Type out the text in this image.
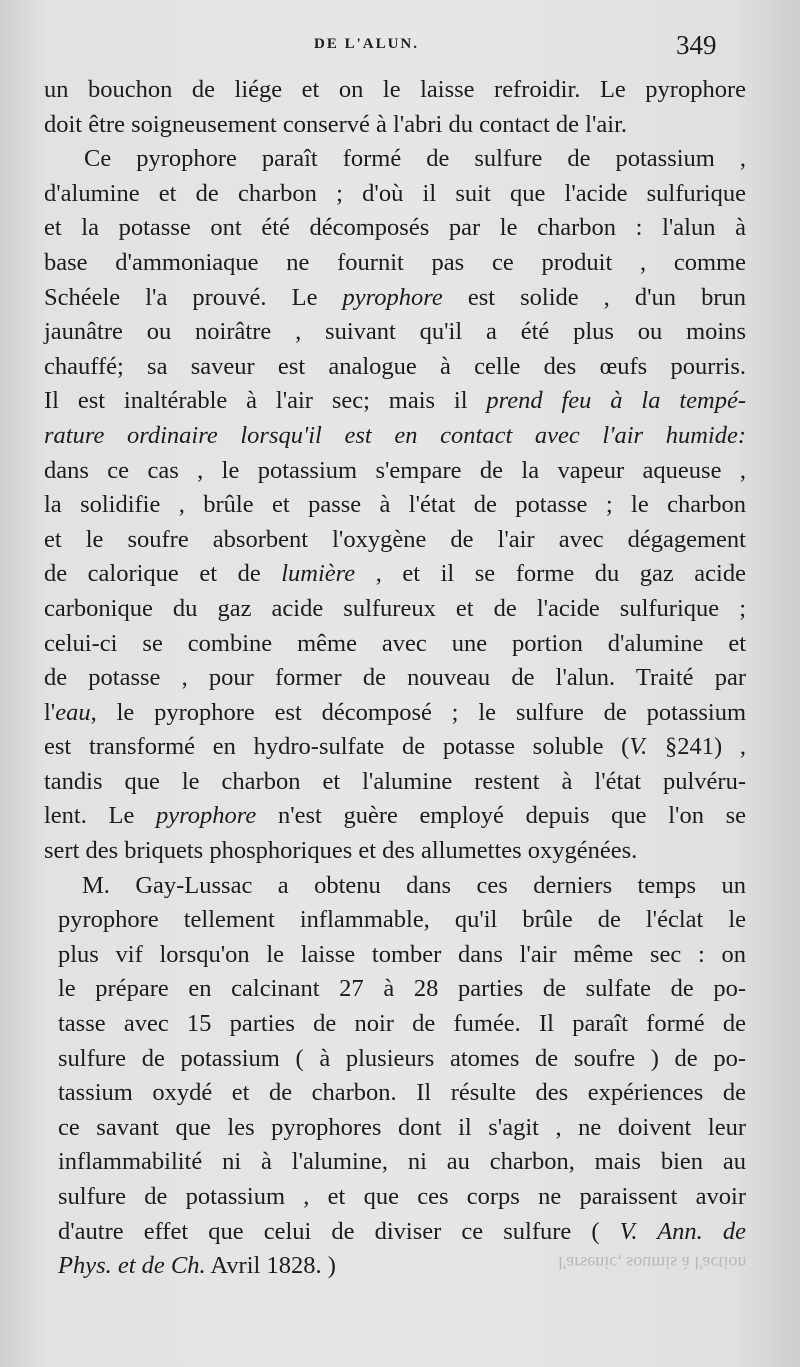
DE L'ALUN.	349
un bouchon de liége et on le laisse refroidir. Le pyrophore
doit être soigneusement conservé à l'abri du contact de l'air.
Ce pyrophore paraît formé de sulfure de potassium ,
d'alumine et de charbon ; d'où il suit que l'acide sulfurique
et la potasse ont été décomposés par le charbon : l'alun à
base d'ammoniaque ne fournit pas ce produit , comme
Schéele l'a prouvé. Le pyrophore est solide , d'un brun
jaunâtre ou noirâtre , suivant qu'il a été plus ou moins
chauffé; sa saveur est analogue à celle des œufs pourris.
Il est inaltérable à l'air sec; mais il prend feu à la tempé-
rature ordinaire lorsqu'il est en contact avec l'air humide:
dans ce cas , le potassium s'empare de la vapeur aqueuse ,
la solidifie , brûle et passe à l'état de potasse ; le charbon
et le soufre absorbent l'oxygène de l'air avec dégagement
de calorique et de lumière , et il se forme du gaz acide
carbonique du gaz acide sulfureux et de l'acide sulfurique ;
celui-ci se combine même avec une portion d'alumine et
de potasse , pour former de nouveau de l'alun. Traité par
l'eau, le pyrophore est décomposé ; le sulfure de potassium
est transformé en hydro-sulfate de potasse soluble (V. §241) ,
tandis que le charbon et l'alumine restent à l'état pulvéru-
lent. Le pyrophore n'est guère employé depuis que l'on se
sert des briquets phosphoriques et des allumettes oxygénées.
M. Gay-Lussac a obtenu dans ces derniers temps un
pyrophore tellement inflammable, qu'il brûle de l'éclat le
plus vif lorsqu'on le laisse tomber dans l'air même sec : on
le prépare en calcinant 27 à 28 parties de sulfate de po-
tasse avec 15 parties de noir de fumée. Il paraît formé de
sulfure de potassium ( à plusieurs atomes de soufre ) de po-
tassium oxydé et de charbon. Il résulte des expériences de
ce savant que les pyrophores dont il s'agit , ne doivent leur
inflammabilité ni à l'alumine, ni au charbon, mais bien au
sulfure de potassium , et que ces corps ne paraissent avoir
d'autre effet que celui de diviser ce sulfure ( V. Ann. de
Phys. et de Ch. Avril 1828. )	l'arsenic, soumis à l'action
